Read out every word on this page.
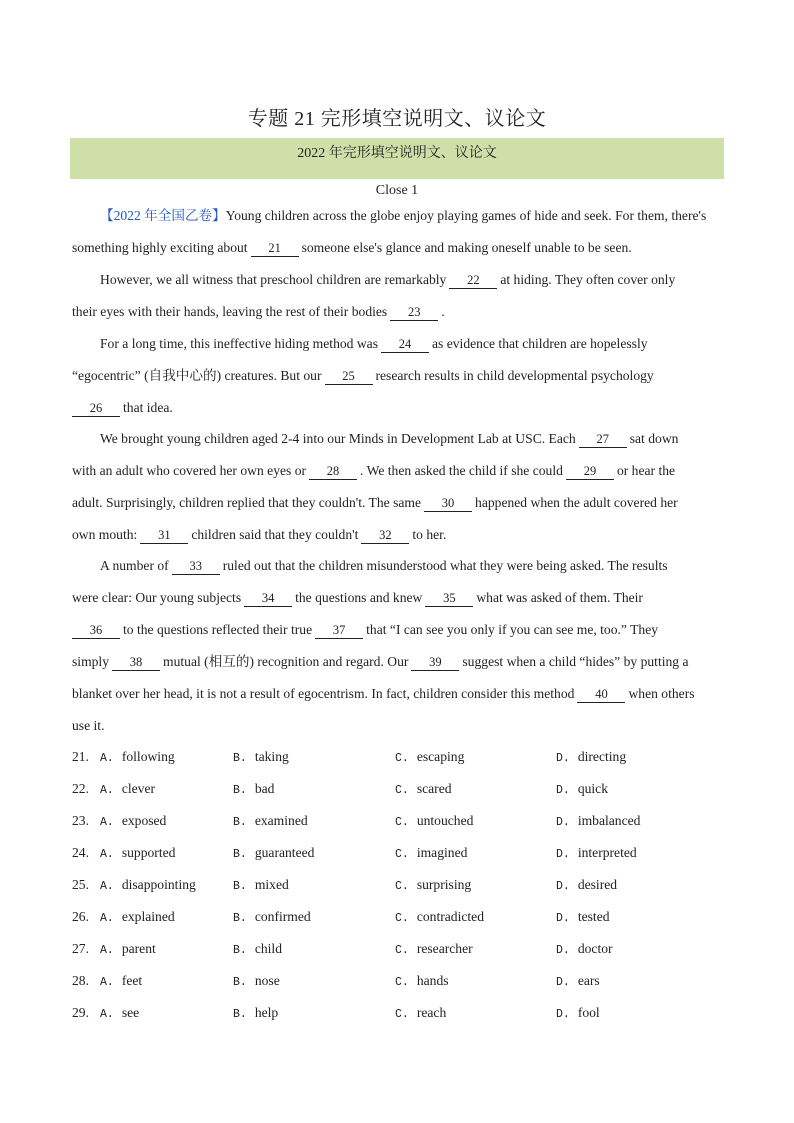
专题 21 完形填空说明文、议论文
2022 年完形填空说明文、议论文
Close 1
【2022 年全国乙卷】Young children across the globe enjoy playing games of hide and seek. For them, there's
something highly exciting about 21 someone else's glance and making oneself unable to be seen.
However, we all witness that preschool children are remarkably 22 at hiding. They often cover only
their eyes with their hands, leaving the rest of their bodies 23 .
For a long time, this ineffective hiding method was 24 as evidence that children are hopelessly
“egocentric” (自我中心的) creatures. But our 25 research results in child developmental psychology
26 that idea.
We brought young children aged 2-4 into our Minds in Development Lab at USC. Each 27 sat down
with an adult who covered her own eyes or 28 . We then asked the child if she could 29 or hear the
adult. Surprisingly, children replied that they couldn't. The same 30 happened when the adult covered her
own mouth: 31 children said that they couldn't 32 to her.
A number of 33 ruled out that the children misunderstood what they were being asked. The results
were clear: Our young subjects 34 the questions and knew 35 what was asked of them. Their
36 to the questions reflected their true 37 that “I can see you only if you can see me, too.” They
simply 38 mutual (相互的) recognition and regard. Our 39 suggest when a child “hides” by putting a
blanket over her head, it is not a result of egocentrism. In fact, children consider this method 40 when others
use it.
21. A. following	B. taking	C. escaping	D. directing
22. A. clever	B. bad	C. scared	D. quick
23. A. exposed	B. examined	C. untouched	D. imbalanced
24. A. supported	B. guaranteed	C. imagined	D. interpreted
25. A. disappointing	B. mixed	C. surprising	D. desired
26. A. explained	B. confirmed	C. contradicted	D. tested
27. A. parent	B. child	C. researcher	D. doctor
28. A. feet	B. nose	C. hands	D. ears
29. A. see	B. help	C. reach	D. fool
